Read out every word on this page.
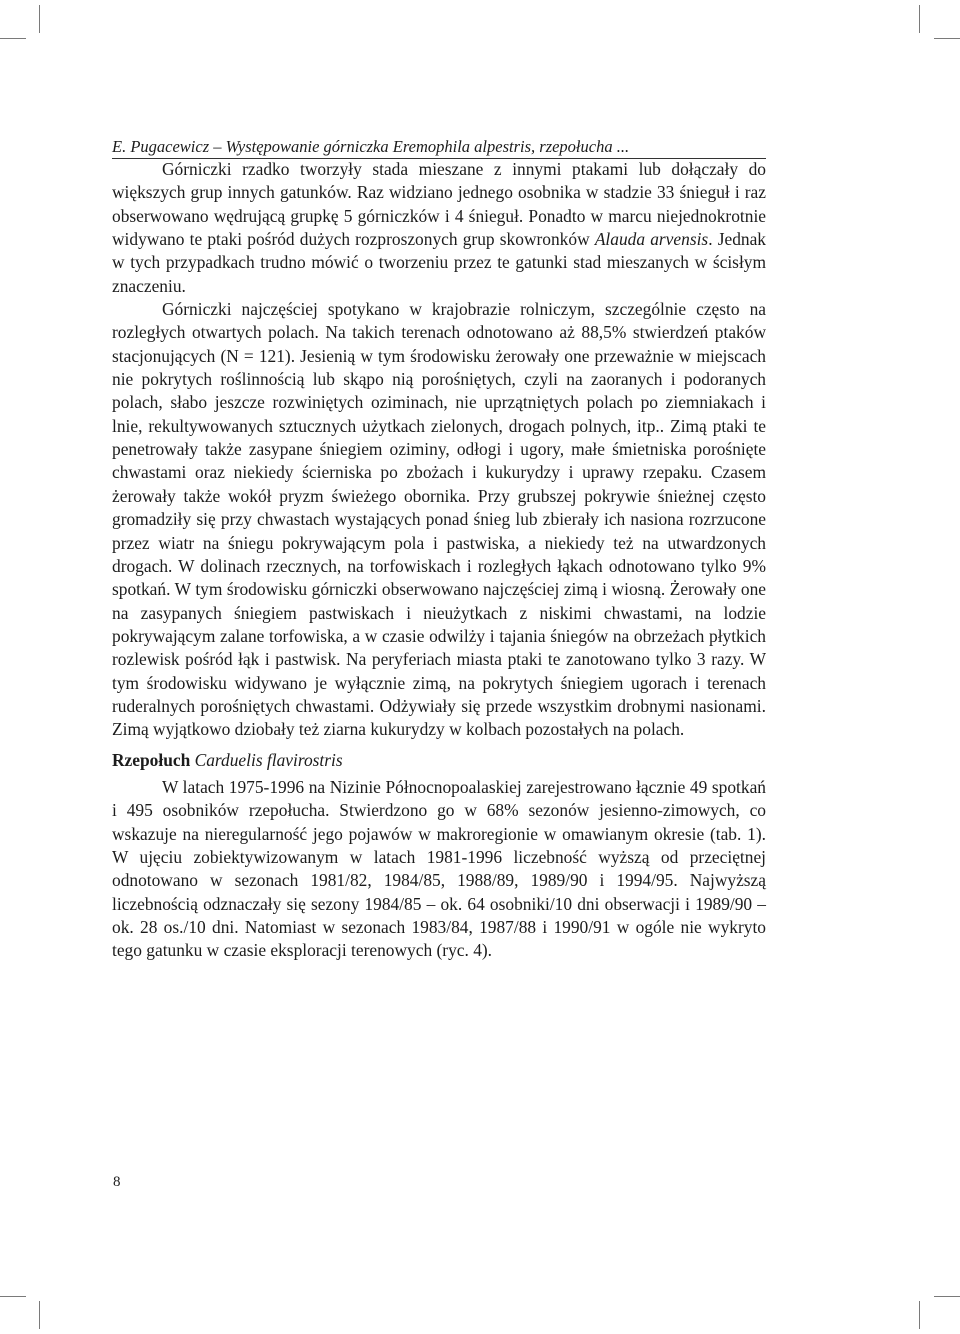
E. Pugacewicz – Występowanie górniczka Eremophila alpestris, rzepołucha ...

Górniczki rzadko tworzyły stada mieszane z innymi ptakami lub dołączały do większych grup innych gatunków. Raz widziano jednego osobnika w stadzie 33 śnieguł i raz obserwowano wędrującą grupkę 5 górniczków i 4 śnieguł. Ponadto w marcu niejednokrotnie widywano te ptaki pośród dużych rozproszonych grup skowronków Alauda arvensis. Jednak w tych przypadkach trudno mówić o tworzeniu przez te gatunki stad mieszanych w ścisłym znaczeniu.

Górniczki najczęściej spotykano w krajobrazie rolniczym, szczególnie często na rozległych otwartych polach. Na takich terenach odnotowano aż 88,5% stwierdzeń ptaków stacjonujących (N = 121). Jesienią w tym środowisku żerowały one przeważnie w miejscach nie pokrytych roślinnością lub skąpo nią porośniętych, czyli na zaoranych i podoranych polach, słabo jeszcze rozwiniętych oziminach, nie uprzątniętych polach po ziemniakach i lnie, rekultywowanych sztucznych użytkach zielonych, drogach polnych, itp.. Zimą ptaki te penetrowały także zasypane śniegiem oziminy, odłogi i ugory, małe śmietniska porośnięte chwastami oraz niekiedy ścierniska po zbożach i kukurydzy i uprawy rzepaku. Czasem żerowały także wokół pryzm świeżego obornika. Przy grubszej pokrywie śnieżnej często gromadziły się przy chwastach wystających ponad śnieg lub zbierały ich nasiona rozrzucone przez wiatr na śniegu pokrywającym pola i pastwiska, a niekiedy też na utwardzonych drogach. W dolinach rzecznych, na torfowiskach i rozległych łąkach odnotowano tylko 9% spotkań. W tym środowisku górniczki obserwowano najczęściej zimą i wiosną. Żerowały one na zasypanych śniegiem pastwiskach i nieużytkach z niskimi chwastami, na lodzie pokrywającym zalane torfowiska, a w czasie odwilży i tajania śniegów na obrzeżach płytkich rozlewisk pośród łąk i pastwisk. Na peryferiach miasta ptaki te zanotowano tylko 3 razy. W tym środowisku widywano je wyłącznie zimą, na pokrytych śniegiem ugorach i terenach ruderalnych porośniętych chwastami. Odżywiały się przede wszystkim drobnymi nasionami. Zimą wyjątkowo dziobały też ziarna kukurydzy w kolbach pozostałych na polach.

Rzepołuch Carduelis flavirostris

W latach 1975-1996 na Nizinie Północnopoalaskiej zarejestrowano łącznie 49 spotkań i 495 osobników rzepołucha. Stwierdzono go w 68% sezonów jesienno-zimowych, co wskazuje na nieregularność jego pojawów w makroregionie w omawianym okresie (tab. 1). W ujęciu zobiektywizowanym w latach 1981-1996 liczebność wyższą od przeciętnej odnotowano w sezonach 1981/82, 1984/85, 1988/89, 1989/90 i 1994/95. Najwyższą liczebnością odznaczały się sezony 1984/85 – ok. 64 osobniki/10 dni obserwacji i 1989/90 – ok. 28 os./10 dni. Natomiast w sezonach 1983/84, 1987/88 i 1990/91 w ogóle nie wykryto tego gatunku w czasie eksploracji terenowych (ryc. 4).

8
